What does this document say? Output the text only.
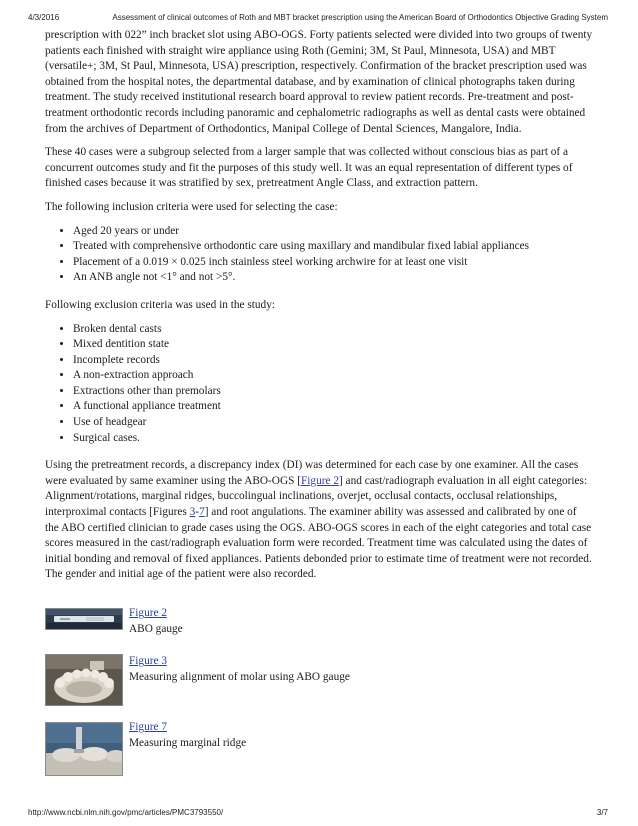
4/3/2016	Assessment of clinical outcomes of Roth and MBT bracket prescription using the American Board of Orthodontics Objective Grading System

prescription with 022” inch bracket slot using ABO-OGS. Forty patients selected were divided into two groups of twenty patients each finished with straight wire appliance using Roth (Gemini; 3M, St Paul, Minnesota, USA) and MBT (versatile+; 3M, St Paul, Minnesota, USA) prescription, respectively. Confirmation of the bracket prescription used was obtained from the hospital notes, the departmental database, and by examination of clinical photographs taken during treatment. The study received institutional research board approval to review patient records. Pre-treatment and post-treatment orthodontic records including panoramic and cephalometric radiographs as well as dental casts were obtained from the archives of Department of Orthodontics, Manipal College of Dental Sciences, Mangalore, India.

These 40 cases were a subgroup selected from a larger sample that was collected without conscious bias as part of a concurrent outcomes study and fit the purposes of this study well. It was an equal representation of different types of finished cases because it was stratified by sex, pretreatment Angle Class, and extraction pattern.

The following inclusion criteria were used for selecting the case:

• Aged 20 years or under
• Treated with comprehensive orthodontic care using maxillary and mandibular fixed labial appliances
• Placement of a 0.019 × 0.025 inch stainless steel working archwire for at least one visit
• An ANB angle not <1° and not >5°.

Following exclusion criteria was used in the study:

• Broken dental casts
• Mixed dentition state
• Incomplete records
• A non-extraction approach
• Extractions other than premolars
• A functional appliance treatment
• Use of headgear
• Surgical cases.

Using the pretreatment records, a discrepancy index (DI) was determined for each case by one examiner. All the cases were evaluated by same examiner using the ABO-OGS [Figure 2] and cast/radiograph evaluation in all eight categories: Alignment/rotations, marginal ridges, buccolingual inclinations, overjet, occlusal contacts, occlusal relationships, interproximal contacts [Figures 3-7] and root angulations. The examiner ability was assessed and calibrated by one of the ABO certified clinician to grade cases using the OGS. ABO-OGS scores in each of the eight categories and total case scores measured in the cast/radiograph evaluation form were recorded. Treatment time was calculated using the dates of initial bonding and removal of fixed appliances. Patients debonded prior to estimate time of treatment were not recorded. The gender and initial age of the patient were also recorded.

Figure 2
ABO gauge
Figure 3
Measuring alignment of molar using ABO gauge
Figure 7
Measuring marginal ridge
http://www.ncbi.nlm.nih.gov/pmc/articles/PMC3793550/	3/7
